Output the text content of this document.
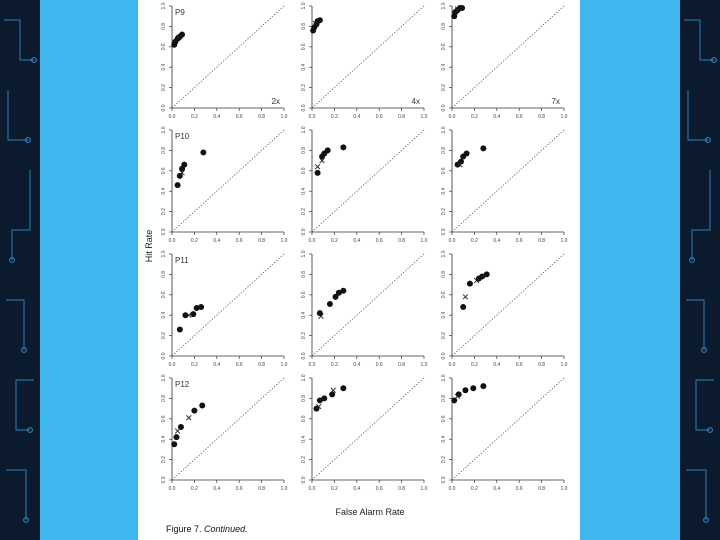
0.0	0.2	0.4	0.6	0.8	1.0
0.0
0.2
0.4
0.6
0.8
1.0
P9
2x
0.0	0.2	0.4	0.6	0.8	1.0
0.0
0.2
0.4
0.6
0.8
1.0
4x
0.0	0.2	0.4	0.6	0.8	1.0
0.0
0.2
0.4
0.6
0.8
1.0
7x
0.0	0.2	0.4	0.6	0.8	1.0
0.0
0.2
0.4
0.6
0.8
1.0
P10
0.0	0.2	0.4	0.6	0.8	1.0
0.0
0.2
0.4
0.6
0.8
1.0
0.0	0.2	0.4	0.6	0.8	1.0
0.0
0.2
0.4
0.6
0.8
1.0
0.0	0.2	0.4	0.6	0.8	1.0
0.0
0.2
0.4
0.6
0.8
1.0
P11
0.0	0.2	0.4	0.6	0.8	1.0
0.0
0.2
0.4
0.6
0.8
1.0
0.0	0.2	0.4	0.6	0.8	1.0
0.0
0.2
0.4
0.6
0.8
1.0
0.0	0.2	0.4	0.6	0.8	1.0
0.0
0.2
0.4
0.6
0.8
1.0
P12
0.0	0.2	0.4	0.6	0.8	1.0
0.0
0.2
0.4
0.6
0.8
1.0
0.0	0.2	0.4	0.6	0.8	1.0
0.0
0.2
0.4
0.6
0.8
1.0
Hit Rate
False Alarm Rate
Figure 7. Continued.
